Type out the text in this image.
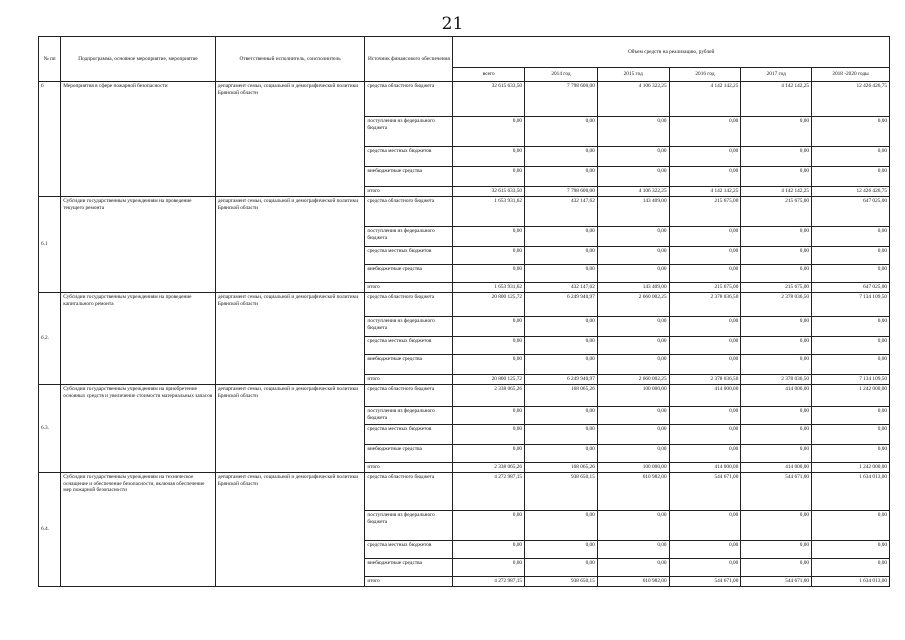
21
№ пп	Подпрограмма, основное мероприятие, мероприятие	Ответственный исполнитель, соисполнитель	Источник финансового обеспечения	Объем средств на реализацию, рублей					
				всего	2014 год	2015 год	2016 год	2017 год	2018 -2020 годы
6	Мероприятия в сфере пожарной безопасности	департамент семьи, социальной и демографической политики Брянской области	средства областного бюджета	32 615 633,50	7 798 600,00	4 106 322,25	4 142 142,25	4 142 142,25	12 426 426,75
			поступления из федерального бюджета	0,00	0,00	0,00	0,00	0,00	0,00
			средства местных бюджетов	0,00	0,00	0,00	0,00	0,00	0,00
			внебюджетные средства	0,00	0,00	0,00	0,00	0,00	0,00
			итого	32 615 633,50	7 798 600,00	4 106 322,25	4 142 142,25	4 142 142,25	12 426 426,75
6.1	Субсидии государственным учреждениям на проведение текущего ремонта	департамент семьи, социальной и демографической политики Брянской области	средства областного бюджета	1 653 931,62	432 147,62	143 409,00	215 675,00	215 675,00	647 025,00
			поступления из федерального бюджета	0,00	0,00	0,00	0,00	0,00	0,00
			средства местных бюджетов	0,00	0,00	0,00	0,00	0,00	0,00
			внебюджетные средства	0,00	0,00	0,00	0,00	0,00	0,00
			итого	1 653 931,62	432 147,62	143 409,00	215 675,00	215 675,00	647 025,00
6.2.	Субсидии государственным учреждениям на проведение капитального ремонта	департамент семьи, социальной и демографической политики Брянской области	средства областного бюджета	20 800 125,72	6 249 940,97	2 660 002,25	2 378 036,50	2 378 036,50	7 134 109,50
			поступления из федерального бюджета	0,00	0,00	0,00	0,00	0,00	0,00
			средства местных бюджетов	0,00	0,00	0,00	0,00	0,00	0,00
			внебюджетные средства	0,00	0,00	0,00	0,00	0,00	0,00
			итого	20 800 125,72	6 249 940,97	2 660 002,25	2 378 036,50	2 378 036,50	7 134 109,50
6.3.	Субсидии государственным учреждениям на приобретение основных средств и увеличение стоимости материальных запасов	департамент семьи, социальной и демографической политики Брянской области	средства областного бюджета	2 338 065,26	168 065,26	100 000,00	414 000,00	414 000,00	1 242 000,00
			поступления из федерального бюджета	0,00	0,00	0,00	0,00	0,00	0,00
			средства местных бюджетов	0,00	0,00	0,00	0,00	0,00	0,00
			внебюджетные средства	0,00	0,00	0,00	0,00	0,00	0,00
			итого	2 338 065,26	168 065,26	100 000,00	414 000,00	414 000,00	1 242 000,00
6.4.	Субсидии государственным учреждениям на техническое оснащение и обеспечение безопасности, включая обеспечение мер пожарной безопасности	департамент семьи, социальной и демографической политики Брянской области	средства областного бюджета	4 272 987,15	938 650,15	610 982,00	544 671,00	544 671,00	1 634 013,00
			поступления из федерального бюджета	0,00	0,00	0,00	0,00	0,00	0,00
			средства местных бюджетов	0,00	0,00	0,00	0,00	0,00	0,00
			внебюджетные средства	0,00	0,00	0,00	0,00	0,00	0,00
			итого	4 272 987,15	938 650,15	610 982,00	544 671,00	544 671,00	1 634 013,00
